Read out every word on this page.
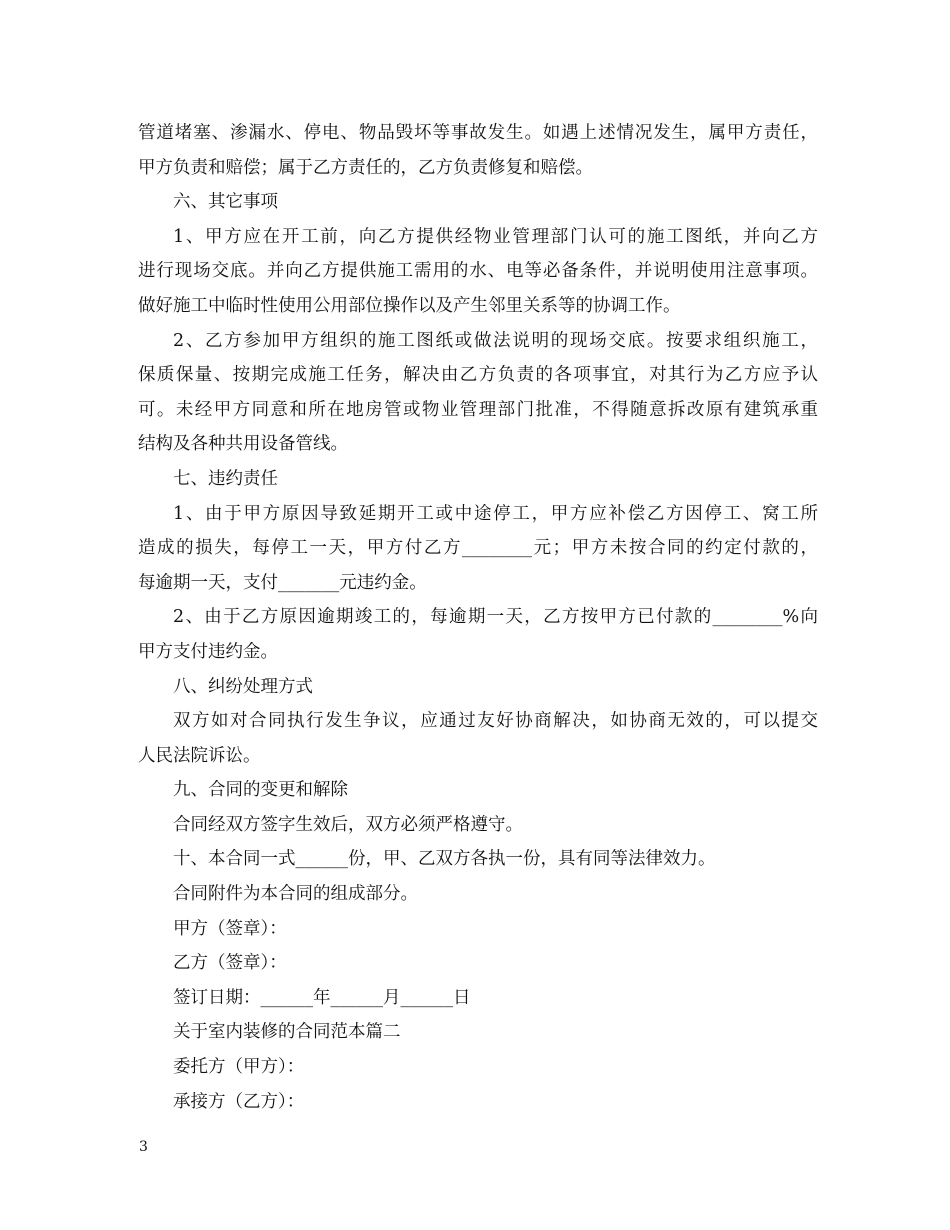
管道堵塞、渗漏水、停电、物品毁坏等事故发生。如遇上述情况发生，属甲方责任，
甲方负责和赔偿；属于乙方责任的，乙方负责修复和赔偿。
六、其它事项
1、甲方应在开工前，向乙方提供经物业管理部门认可的施工图纸，并向乙方
进行现场交底。并向乙方提供施工需用的水、电等必备条件，并说明使用注意事项。
做好施工中临时性使用公用部位操作以及产生邻里关系等的协调工作。
2、乙方参加甲方组织的施工图纸或做法说明的现场交底。按要求组织施工，
保质保量、按期完成施工任务，解决由乙方负责的各项事宜，对其行为乙方应予认
可。未经甲方同意和所在地房管或物业管理部门批准，不得随意拆改原有建筑承重
结构及各种共用设备管线。
七、违约责任
1、由于甲方原因导致延期开工或中途停工，甲方应补偿乙方因停工、窝工所
造成的损失，每停工一天，甲方付乙方________元；甲方未按合同的约定付款的，
每逾期一天，支付_______元违约金。
2、由于乙方原因逾期竣工的，每逾期一天，乙方按甲方已付款的________%向
甲方支付违约金。
八、纠纷处理方式
双方如对合同执行发生争议，应通过友好协商解决，如协商无效的，可以提交
人民法院诉讼。
九、合同的变更和解除
合同经双方签字生效后，双方必须严格遵守。
十、本合同一式______份，甲、乙双方各执一份，具有同等法律效力。
合同附件为本合同的组成部分。
甲方（签章）：
乙方（签章）：
签订日期：______年______月______日
关于室内装修的合同范本篇二
委托方（甲方）：
承接方（乙方）：
3
